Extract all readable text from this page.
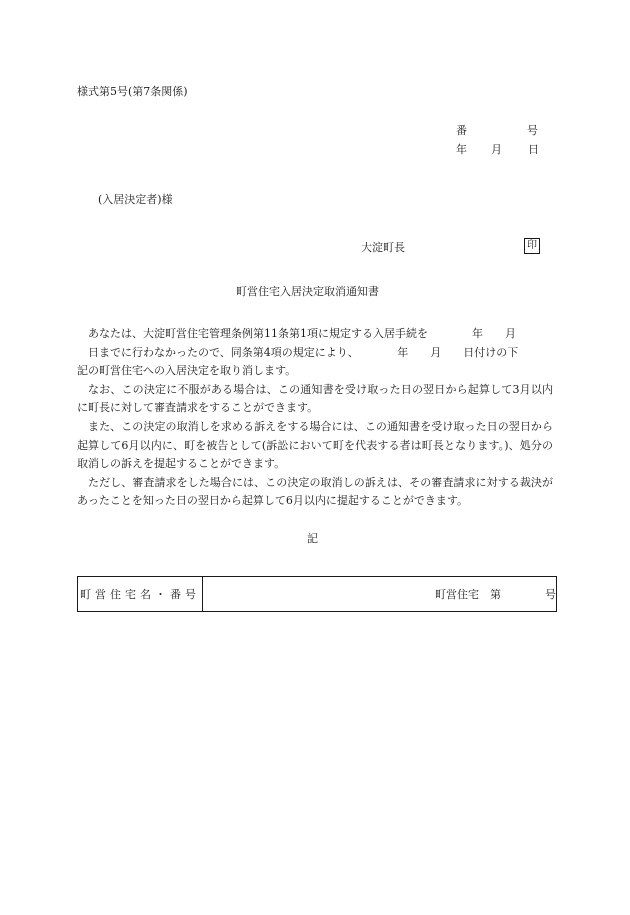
様式第5号(第7条関係)
番	号
年 月 日
(入居決定者)様
大淀町長	印
町営住宅入居決定取消通知書

あなたは、大淀町営住宅管理条例第11条第1項に規定する入居手続を　　　　年　　月

日までに行わなかったので、同条第4項の規定により、　　　　年　　月　　日付けの下

記の町営住宅への入居決定を取り消します。

なお、この決定に不服がある場合は、この通知書を受け取った日の翌日から起算して3月以内に町長に対して審査請求をすることができます。

また、この決定の取消しを求める訴えをする場合には、この通知書を受け取った日の翌日から起算して6月以内に、町を被告として(訴訟において町を代表する者は町長となります。)、処分の取消しの訴えを提起することができます。

ただし、審査請求をした場合には、この決定の取消しの訴えは、その審査請求に対する裁決があったことを知った日の翌日から起算して6月以内に提起することができます。

記
町営住宅名・番号	町営住宅　第　　　　号
